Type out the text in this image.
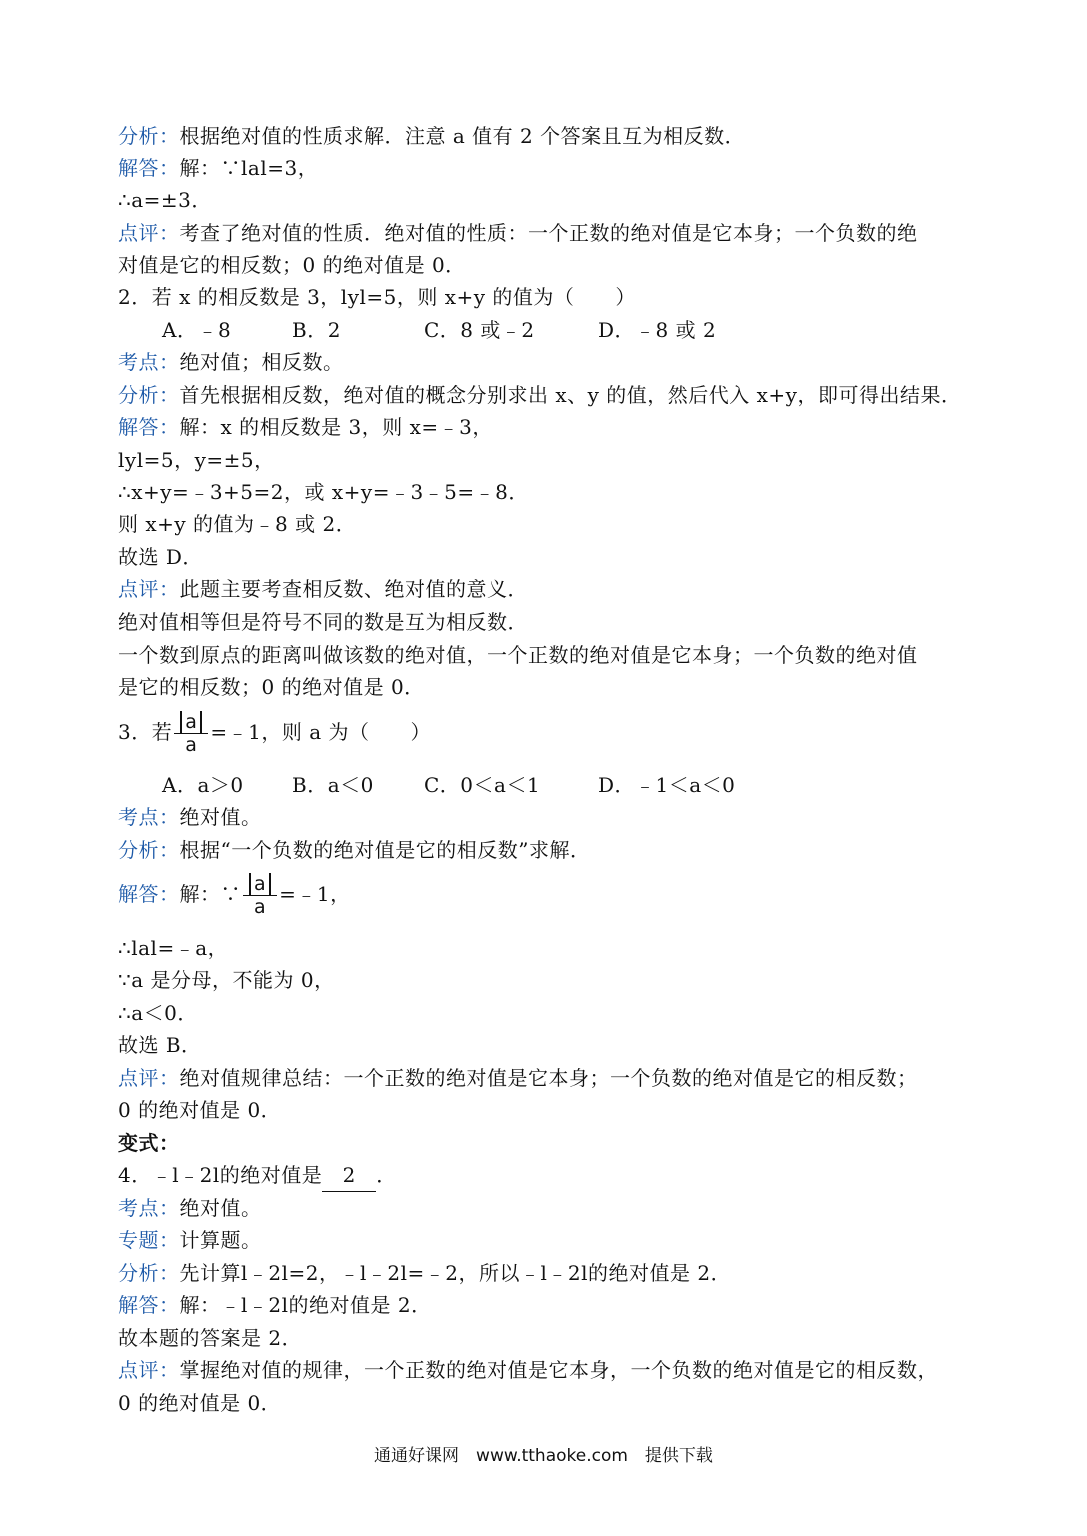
分析：根据绝对值的性质求解．注意 a 值有 2 个答案且互为相反数．
解答：解：∵lal=3，
∴a=±3．
点评：考查了绝对值的性质．绝对值的性质：一个正数的绝对值是它本身；一个负数的绝
对值是它的相反数；0 的绝对值是 0．
2．若 x 的相反数是 3，lyl=5，则 x+y 的值为（　　）
A．﹣8	B．2	C．8 或﹣2	D．﹣8 或 2
考点：绝对值；相反数。
分析：首先根据相反数，绝对值的概念分别求出 x、y 的值，然后代入 x+y，即可得出结果．
解答：解：x 的相反数是 3，则 x=﹣3，
lyl=5，y=±5，
∴x+y=﹣3+5=2，或 x+y=﹣3﹣5=﹣8．
则 x+y 的值为﹣8 或 2．
故选 D．
点评：此题主要考查相反数、绝对值的意义．
绝对值相等但是符号不同的数是互为相反数．
一个数到原点的距离叫做该数的绝对值，一个正数的绝对值是它本身；一个负数的绝对值
是它的相反数；0 的绝对值是 0．
3．若 $\frac{a}{a}$ =﹣1，则 a 为（　　）
A．a＞0 B．a＜0	C．0＜a＜1	D．﹣1＜a＜0
考点：绝对值。
分析：根据“一个负数的绝对值是它的相反数”求解．
解答：解：∵ $\frac{a}{a}$ =﹣1，
∴lal=﹣a，
∵a 是分母，不能为 0，
∴a＜0．
故选 B．
点评：绝对值规律总结：一个正数的绝对值是它本身；一个负数的绝对值是它的相反数；
0 的绝对值是 0．
变式：
4．﹣l﹣2l的绝对值是 2 ．
考点：绝对值。
专题：计算题。
分析：先计算l﹣2l=2，﹣l﹣2l=﹣2，所以﹣l﹣2l的绝对值是 2．
解答：解：﹣l﹣2l的绝对值是 2．
故本题的答案是 2．
点评：掌握绝对值的规律，一个正数的绝对值是它本身，一个负数的绝对值是它的相反数，
0 的绝对值是 0．
通通好课网　www.tthaoke.com　提供下载
